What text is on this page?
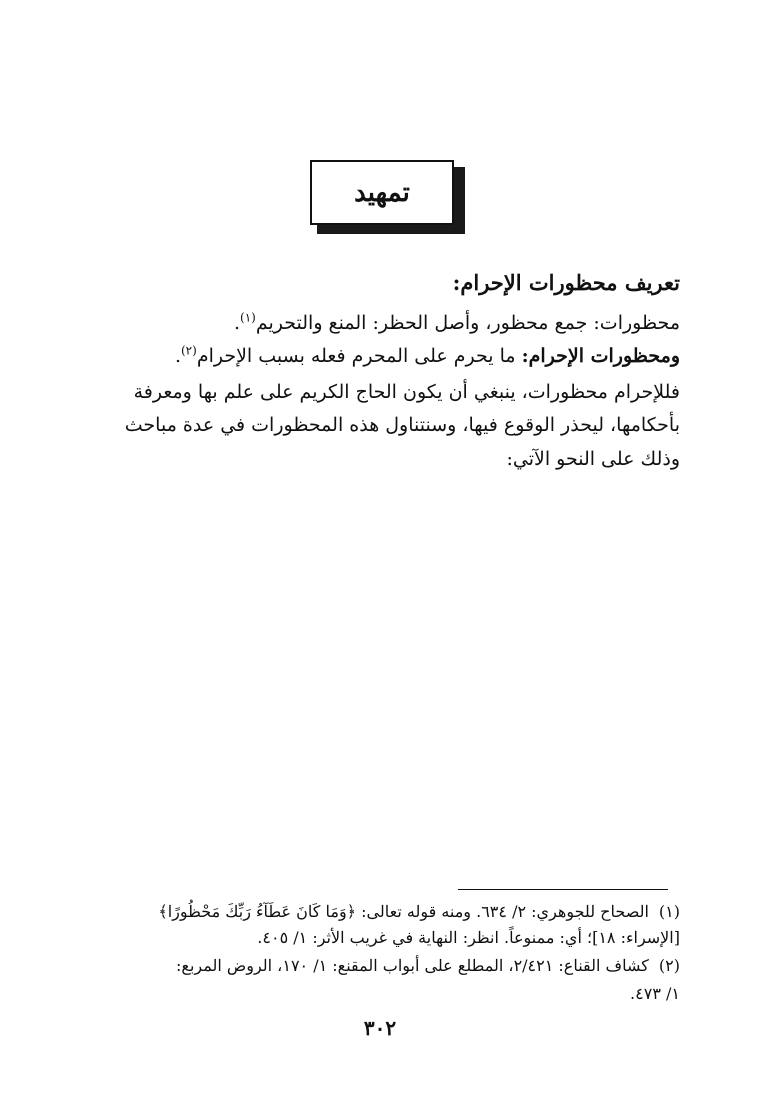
تمهيد
تعريف محظورات الإحرام:
محظورات: جمع محظور، وأصل الحظر: المنع والتحريم$^{(١)}$.
ومحظورات الإحرام: ما يحرم على المحرم فعله بسبب الإحرام$^{(٢)}$.
فللإحرام محظورات، ينبغي أن يكون الحاج الكريم على علم بها ومعرفة
بأحكامها، ليحذر الوقوع فيها، وسنتناول هذه المحظورات في عدة مباحث
وذلك على النحو الآتي:
(١)الصحاح للجوهري: ٢/ ٦٣٤. ومنه قوله تعالى: ﴿وَمَا كَانَ عَطَآءُ رَبِّكَ مَحْظُورًا﴾
[الإسراء: ١٨]؛ أي: ممنوعاً. انظر: النهاية في غريب الأثر: ١/ ٤٠٥.
(٢)كشاف القناع: ٢/٤٢١، المطلع على أبواب المقنع: ١/ ١٧٠، الروض المربع:
١/ ٤٧٣.
٣٠٢
